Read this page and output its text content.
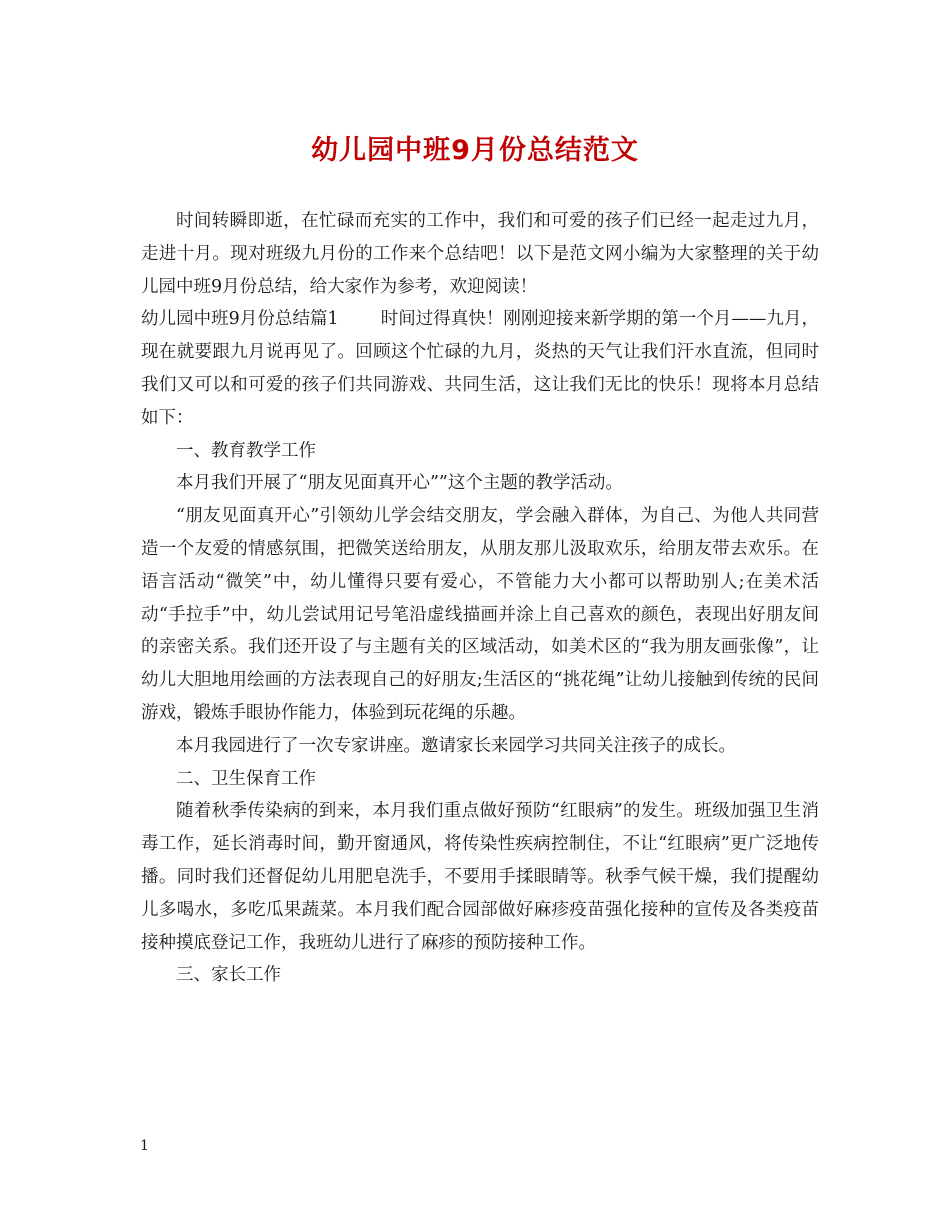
幼儿园中班9月份总结范文

时间转瞬即逝，在忙碌而充实的工作中，我们和可爱的孩子们已经一起走过九月，走进十月。现对班级九月份的工作来个总结吧！以下是范文网小编为大家整理的关于幼儿园中班9月份总结，给大家作为参考，欢迎阅读！

幼儿园中班9月份总结篇1 时间过得真快！刚刚迎接来新学期的第一个月——九月，现在就要跟九月说再见了。回顾这个忙碌的九月，炎热的天气让我们汗水直流，但同时我们又可以和可爱的孩子们共同游戏、共同生活，这让我们无比的快乐！现将本月总结如下：

一、教育教学工作

本月我们开展了“朋友见面真开心””这个主题的教学活动。

“朋友见面真开心”引领幼儿学会结交朋友，学会融入群体，为自己、为他人共同营造一个友爱的情感氛围，把微笑送给朋友，从朋友那儿汲取欢乐，给朋友带去欢乐。在语言活动“微笑”中，幼儿懂得只要有爱心，不管能力大小都可以帮助别人;在美术活动“手拉手”中，幼儿尝试用记号笔沿虚线描画并涂上自己喜欢的颜色，表现出好朋友间的亲密关系。我们还开设了与主题有关的区域活动，如美术区的“我为朋友画张像”，让幼儿大胆地用绘画的方法表现自己的好朋友;生活区的“挑花绳”让幼儿接触到传统的民间游戏，锻炼手眼协作能力，体验到玩花绳的乐趣。

本月我园进行了一次专家讲座。邀请家长来园学习共同关注孩子的成长。

二、卫生保育工作

随着秋季传染病的到来，本月我们重点做好预防“红眼病”的发生。班级加强卫生消毒工作，延长消毒时间，勤开窗通风，将传染性疾病控制住，不让“红眼病”更广泛地传播。同时我们还督促幼儿用肥皂洗手，不要用手揉眼睛等。秋季气候干燥，我们提醒幼儿多喝水，多吃瓜果蔬菜。本月我们配合园部做好麻疹疫苗强化接种的宣传及各类疫苗接种摸底登记工作，我班幼儿进行了麻疹的预防接种工作。

三、家长工作

1
